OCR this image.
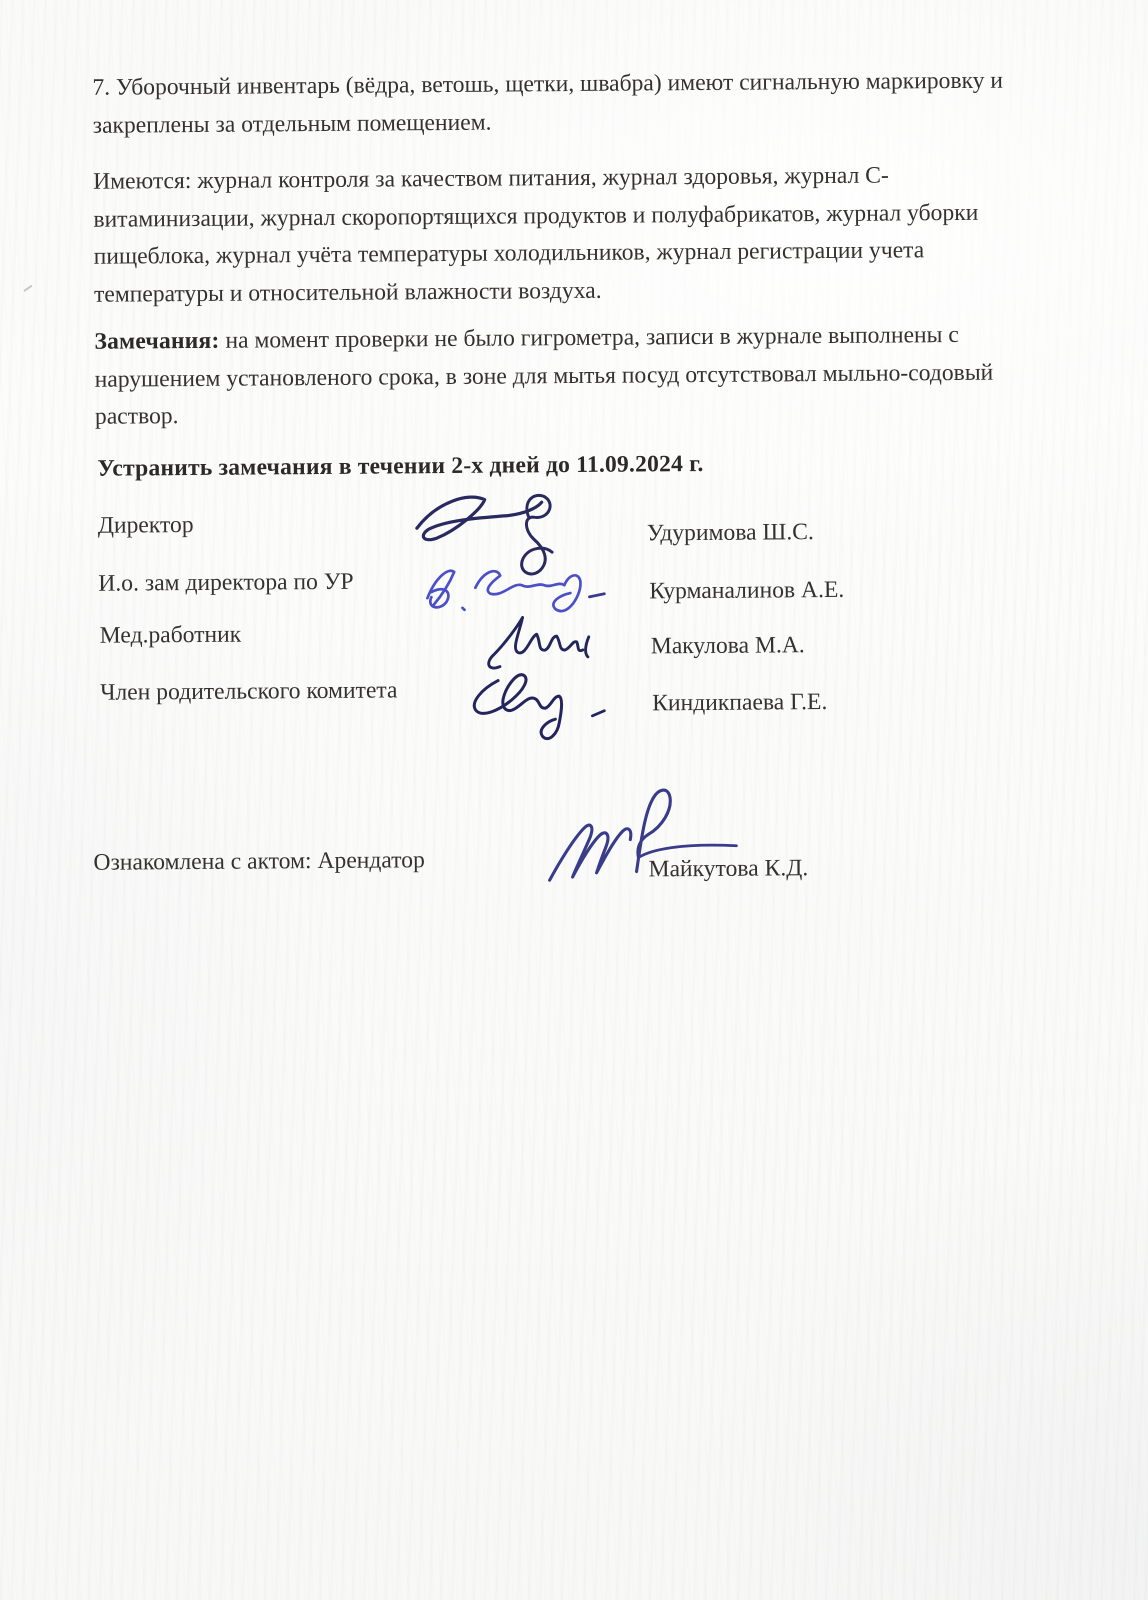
7. Уборочный инвентарь (вёдра, ветошь, щетки, швабра) имеют сигнальную маркировку и
закреплены за отдельным помещением.
Имеются: журнал контроля за качеством питания, журнал здоровья, журнал С-
витаминизации, журнал скоропортящихся продуктов и полуфабрикатов, журнал уборки
пищеблока, журнал учёта температуры холодильников, журнал регистрации учета
температуры и относительной влажности воздуха.
Замечания: на момент проверки не было гигрометра, записи в журнале выполнены с
нарушением установленого срока, в зоне для мытья посуд отсутствовал мыльно-содовый
раствор.
Устранить замечания в течении 2-х дней до 11.09.2024 г.
Директор
И.о. зам директора по УР
Мед.работник
Член родительского комитета
Удуримова Ш.С.
Курманалинов А.Е.
Макулова М.А.
Киндикпаева Г.Е.
Ознакомлена с актом: Арендатор	Майкутова К.Д.
